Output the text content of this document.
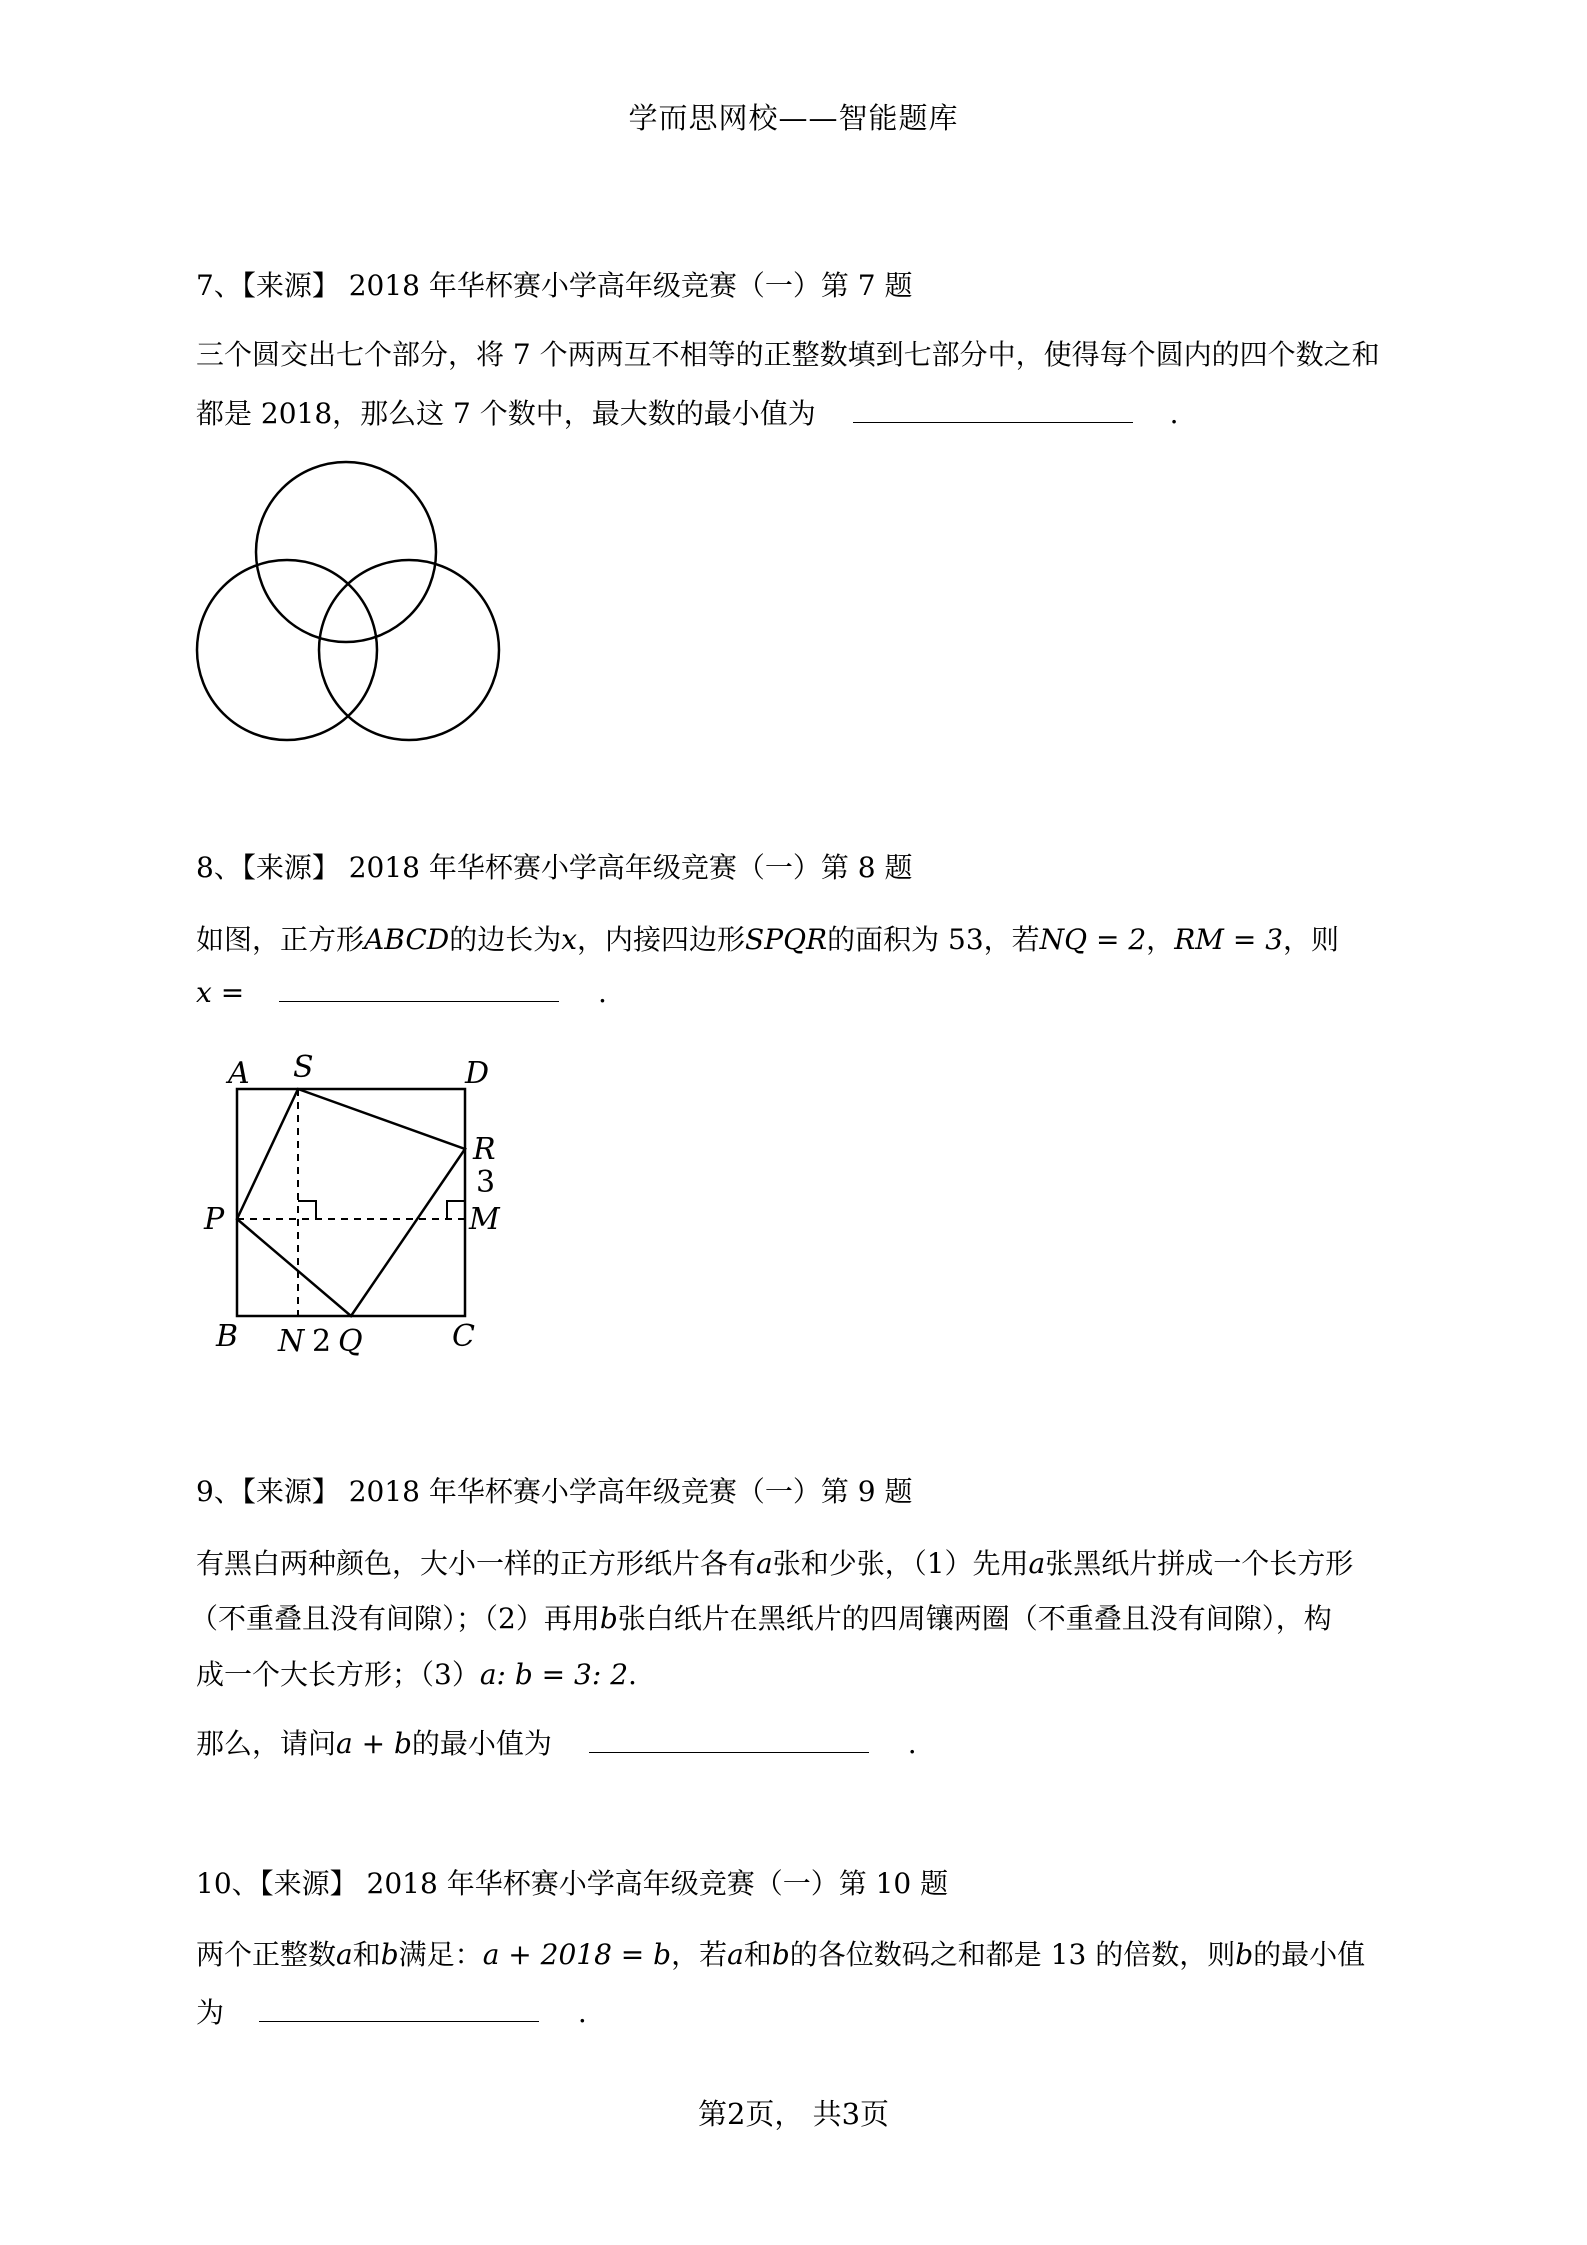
学而思网校——智能题库
7、【来源】 2018 年华杯赛小学高年级竞赛（一）第 7 题
三个圆交出七个部分，将 7 个两两互不相等的正整数填到七部分中，使得每个圆内的四个数之和
都是 2018，那么这 7 个数中，最大数的最小值为	.
8、【来源】 2018 年华杯赛小学高年级竞赛（一）第 8 题
如图，正方形ABCD的边长为x，内接四边形SPQR的面积为 53，若NQ = 2，RM = 3，则
x =	.
A S	D
R
3
P	M
B N 2 Q	C
9、【来源】 2018 年华杯赛小学高年级竞赛（一）第 9 题
有黑白两种颜色，大小一样的正方形纸片各有a张和少张，（1）先用a张黑纸片拼成一个长方形
（不重叠且没有间隙）；（2）再用b张白纸片在黑纸片的四周镶两圈（不重叠且没有间隙），构
成一个大长方形；（3）a: b = 3: 2.
那么，请问a + b的最小值为	.
10、【来源】 2018 年华杯赛小学高年级竞赛（一）第 10 题
两个正整数a和b满足：a + 2018 = b，若a和b的各位数码之和都是 13 的倍数，则b的最小值
为	.
第2页， 共3页
